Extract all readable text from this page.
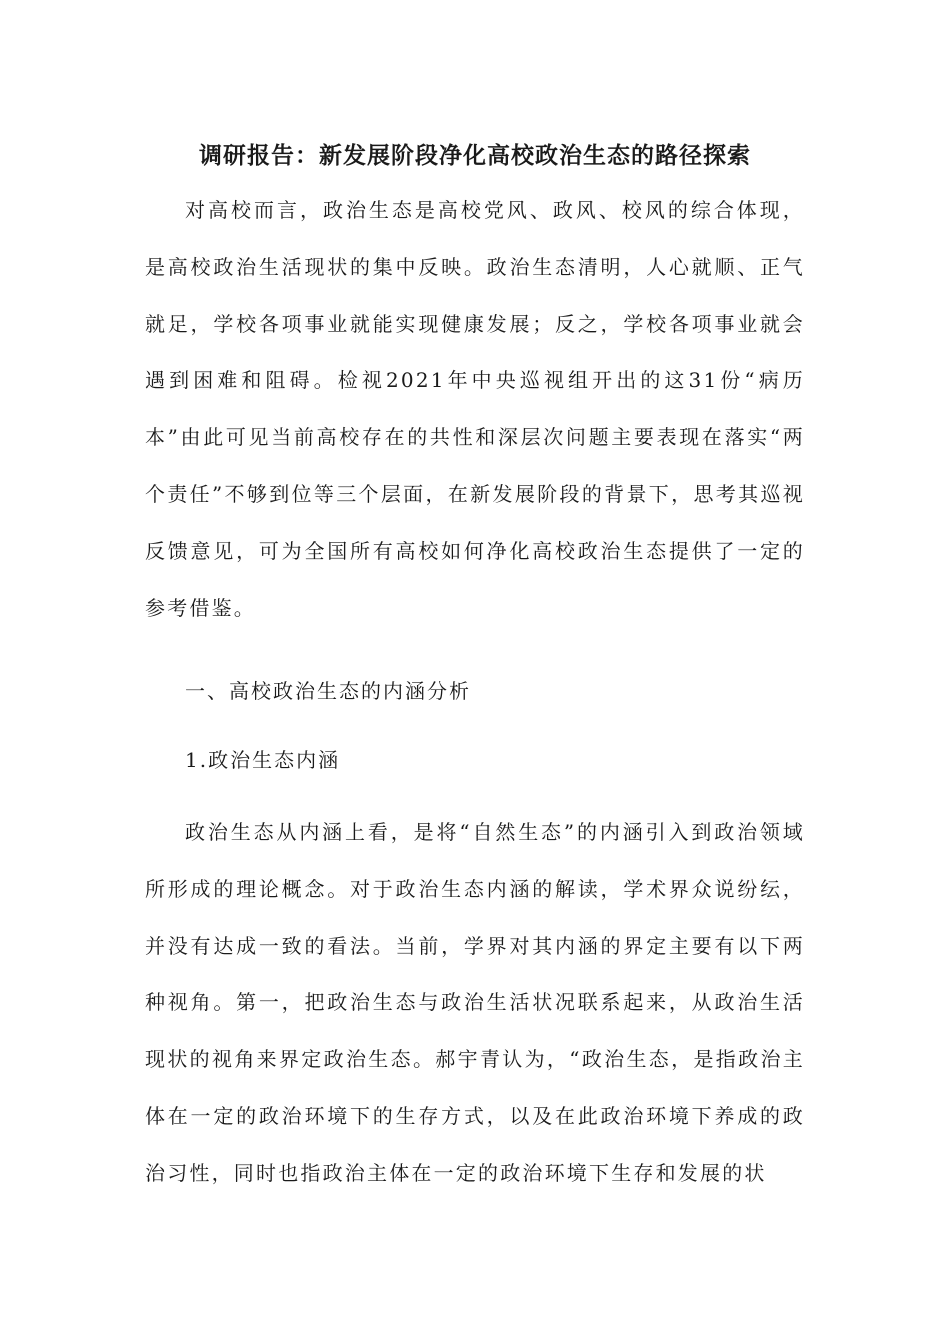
调研报告：新发展阶段净化高校政治生态的路径探索

对高校而言，政治生态是高校党风、政风、校风的综合体现，是高校政治生活现状的集中反映。政治生态清明，人心就顺、正气就足，学校各项事业就能实现健康发展；反之，学校各项事业就会遇到困难和阻碍。检视2021年中央巡视组开出的这31份“病历本”由此可见当前高校存在的共性和深层次问题主要表现在落实“两个责任”不够到位等三个层面，在新发展阶段的背景下，思考其巡视反馈意见，可为全国所有高校如何净化高校政治生态提供了一定的参考借鉴。

一、高校政治生态的内涵分析

1.政治生态内涵

政治生态从内涵上看，是将“自然生态”的内涵引入到政治领域所形成的理论概念。对于政治生态内涵的解读，学术界众说纷纭，并没有达成一致的看法。当前，学界对其内涵的界定主要有以下两种视角。第一，把政治生态与政治生活状况联系起来，从政治生活现状的视角来界定政治生态。郝宇青认为，“政治生态，是指政治主体在一定的政治环境下的生存方式，以及在此政治环境下养成的政治习性，同时也指政治主体在一定的政治环境下生存和发展的状
